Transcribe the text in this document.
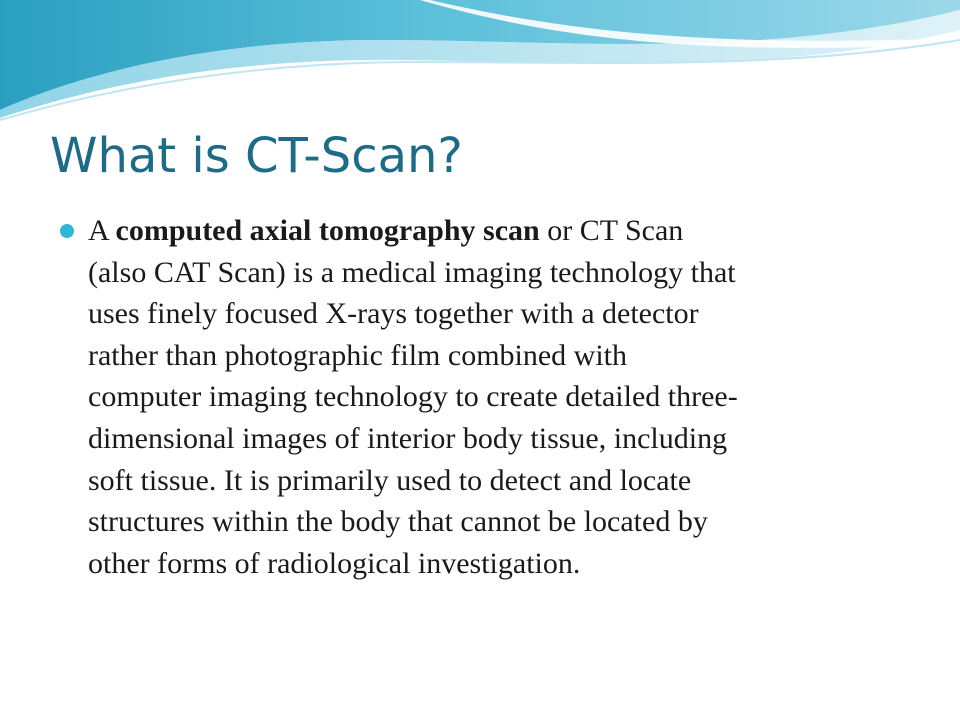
What is CT-Scan?
A computed axial tomography scan or CT Scan
(also CAT Scan) is a medical imaging technology that
uses finely focused X-rays together with a detector
rather than photographic film combined with
computer imaging technology to create detailed three-
dimensional images of interior body tissue, including
soft tissue. It is primarily used to detect and locate
structures within the body that cannot be located by
other forms of radiological investigation.
